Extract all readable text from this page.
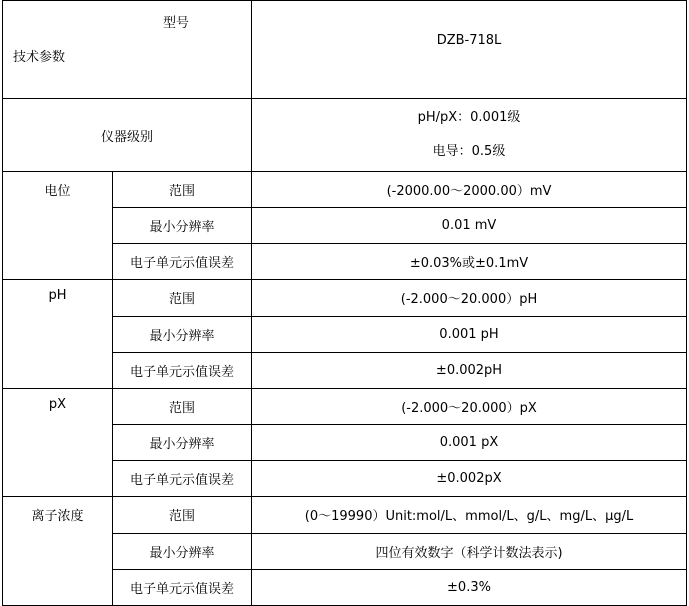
型号
技术参数		DZB-718L
仪器级别		pH/pX：0.001级
电导：0.5级

电位	范围	(-2000.00～2000.00）mV
	最小分辨率	0.01 mV
	电子单元示值误差	±0.03%或±0.1mV
pH	范围	(-2.000～20.000）pH
	最小分辨率	0.001 pH
	电子单元示值误差	±0.002pH
pX	范围	(-2.000～20.000）pX
	最小分辨率	0.001 pX
	电子单元示值误差	±0.002pX
离子浓度	范围	(0～19990）Unit:mol/L、mmol/L、g/L、mg/L、μg/L
	最小分辨率	四位有效数字（科学计数法表示)
	电子单元示值误差	±0.3%
